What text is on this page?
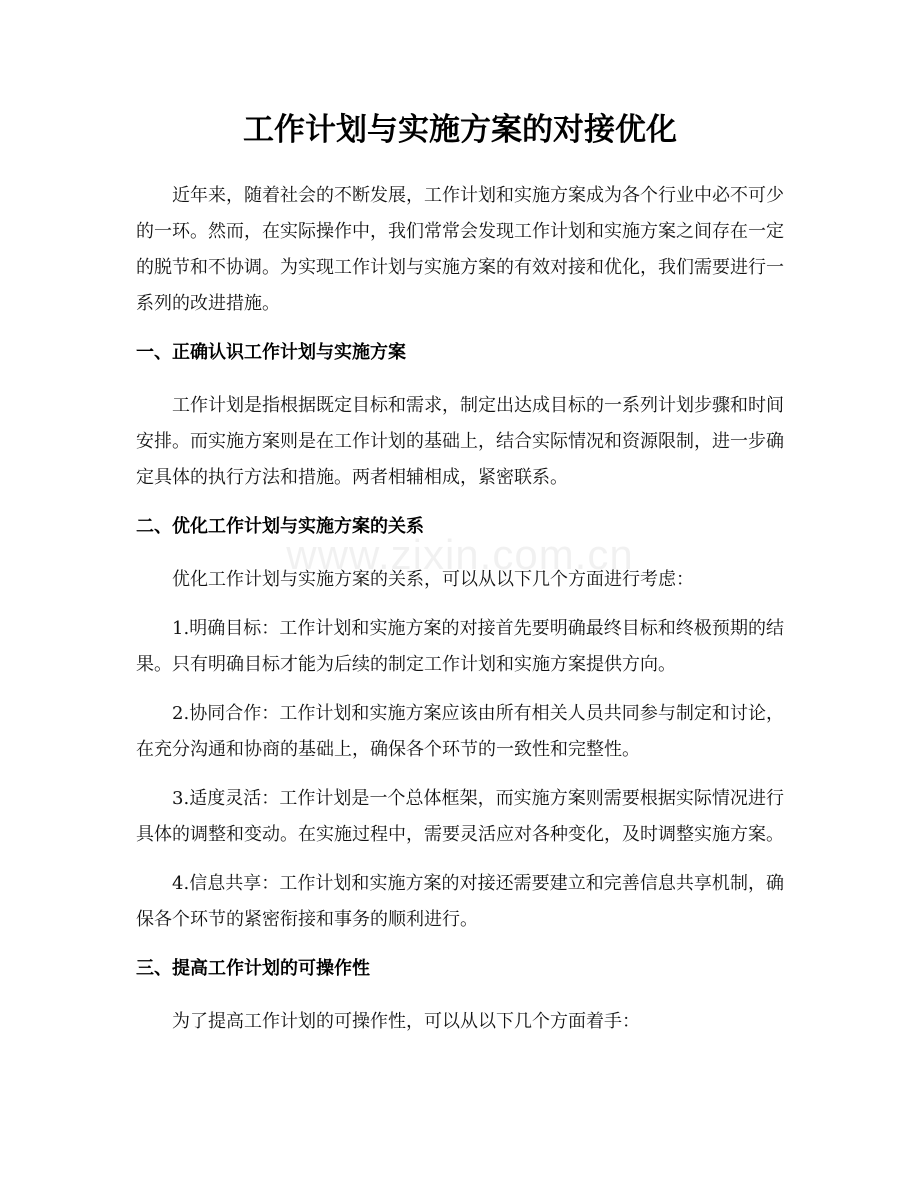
www.zixin.com.cn
工作计划与实施方案的对接优化

近年来，随着社会的不断发展，工作计划和实施方案成为各个行业中必不可少的一环。然而，在实际操作中，我们常常会发现工作计划和实施方案之间存在一定的脱节和不协调。为实现工作计划与实施方案的有效对接和优化，我们需要进行一系列的改进措施。

一、正确认识工作计划与实施方案

工作计划是指根据既定目标和需求，制定出达成目标的一系列计划步骤和时间安排。而实施方案则是在工作计划的基础上，结合实际情况和资源限制，进一步确定具体的执行方法和措施。两者相辅相成，紧密联系。

二、优化工作计划与实施方案的关系

优化工作计划与实施方案的关系，可以从以下几个方面进行考虑：

1.明确目标：工作计划和实施方案的对接首先要明确最终目标和终极预期的结果。只有明确目标才能为后续的制定工作计划和实施方案提供方向。

2.协同合作：工作计划和实施方案应该由所有相关人员共同参与制定和讨论，在充分沟通和协商的基础上，确保各个环节的一致性和完整性。

3.适度灵活：工作计划是一个总体框架，而实施方案则需要根据实际情况进行具体的调整和变动。在实施过程中，需要灵活应对各种变化，及时调整实施方案。

4.信息共享：工作计划和实施方案的对接还需要建立和完善信息共享机制，确保各个环节的紧密衔接和事务的顺利进行。

三、提高工作计划的可操作性

为了提高工作计划的可操作性，可以从以下几个方面着手：
